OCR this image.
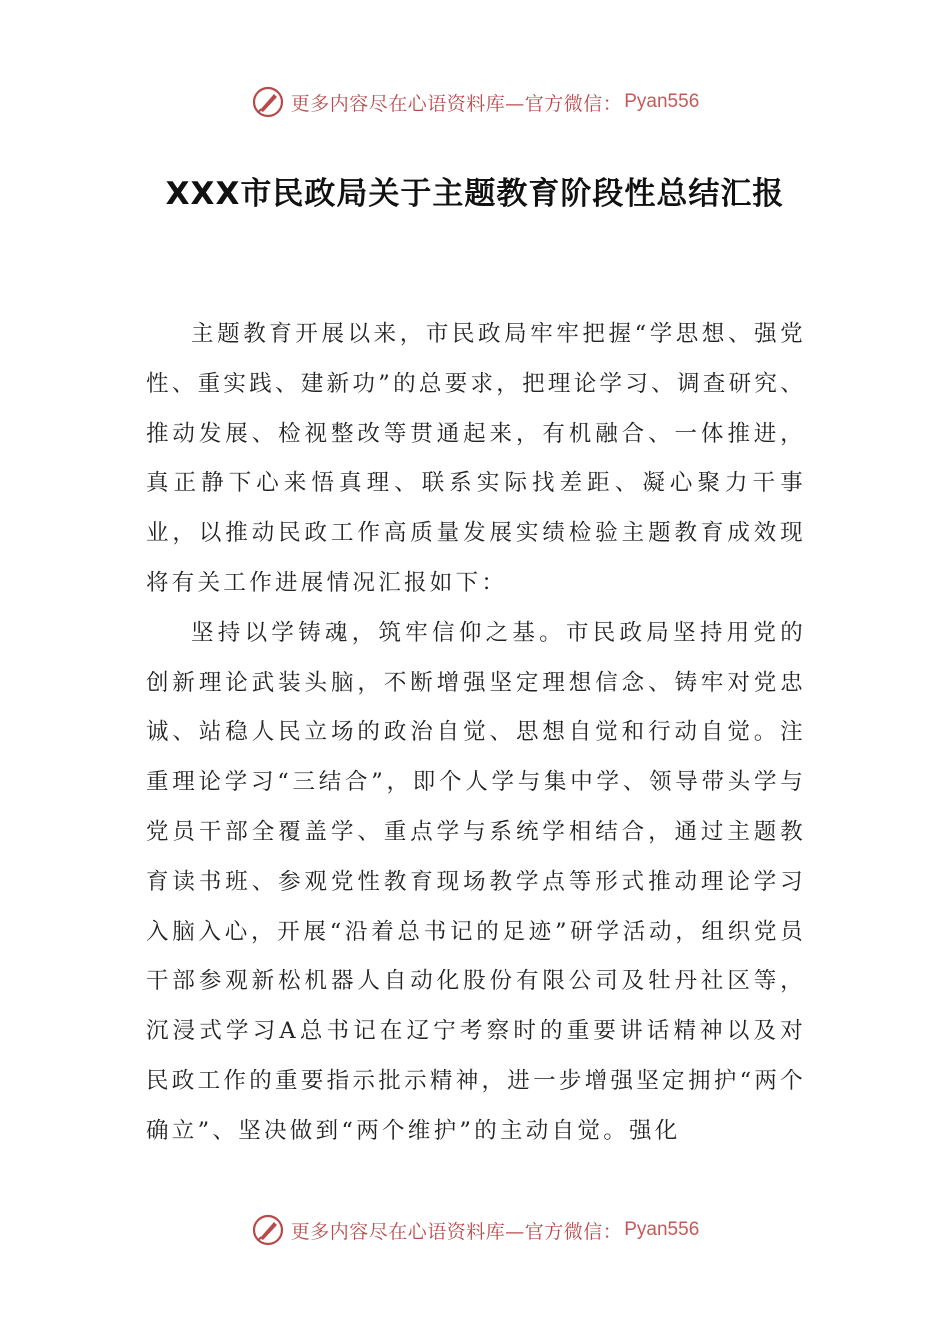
更多内容尽在心语资料库—官方微信： Pyan556
XXX市民政局关于主题教育阶段性总结汇报

主题教育开展以来，市民政局牢牢把握“学思想、强党性、重实践、建新功”的总要求，把理论学习、调查研究、推动发展、检视整改等贯通起来，有机融合、一体推进，真正静下心来悟真理、联系实际找差距、凝心聚力干事业，以推动民政工作高质量发展实绩检验主题教育成效现将有关工作进展情况汇报如下：

坚持以学铸魂，筑牢信仰之基。市民政局坚持用党的创新理论武装头脑，不断增强坚定理想信念、铸牢对党忠诚、站稳人民立场的政治自觉、思想自觉和行动自觉。注重理论学习“三结合”，即个人学与集中学、领导带头学与党员干部全覆盖学、重点学与系统学相结合，通过主题教育读书班、参观党性教育现场教学点等形式推动理论学习入脑入心，开展“沿着总书记的足迹”研学活动，组织党员干部参观新松机器人自动化股份有限公司及牡丹社区等，沉浸式学习A总书记在辽宁考察时的重要讲话精神以及对民政工作的重要指示批示精神，进一步增强坚定拥护“两个确立”、坚决做到“两个维护”的主动自觉。强化

更多内容尽在心语资料库—官方微信： Pyan556
